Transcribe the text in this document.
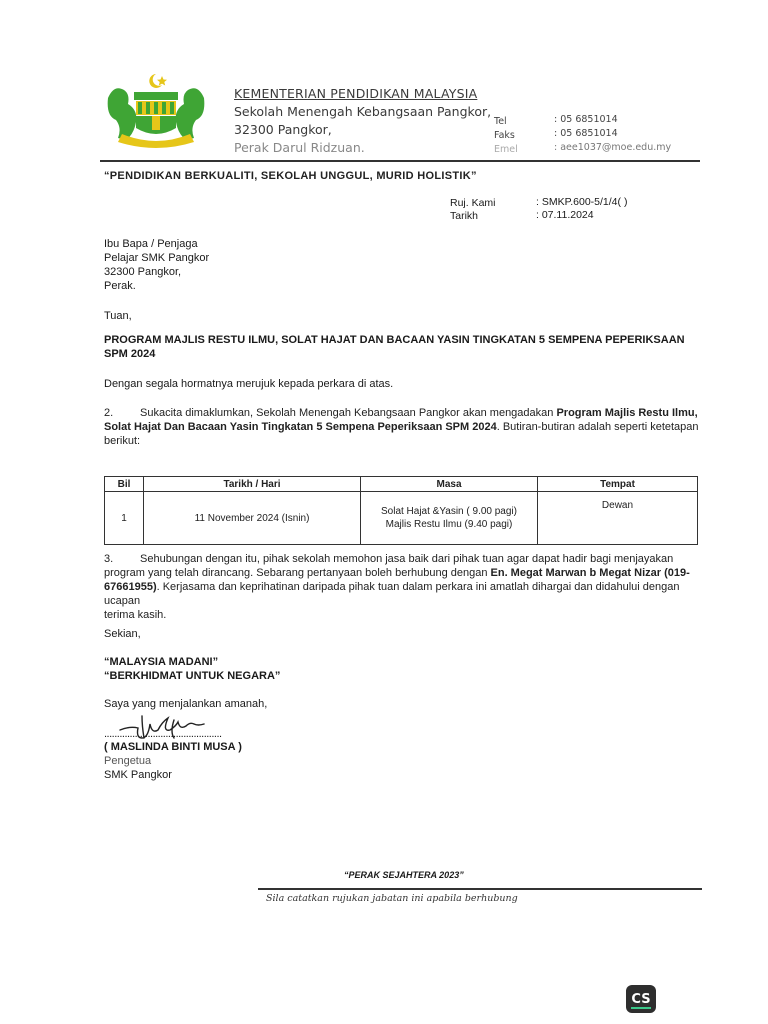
KEMENTERIAN PENDIDIKAN MALAYSIA
Sekolah Menengah Kebangsaan Pangkor,
32300 Pangkor,
Perak Darul Ridzuan.
Tel	: 05 6851014
Faks	: 05 6851014
Emel	: aee1037@moe.edu.my
“PENDIDIKAN BERKUALITI, SEKOLAH UNGGUL, MURID HOLISTIK”
Ruj. Kami	: SMKP.600-5/1/4( )
Tarikh	: 07.11.2024
Ibu Bapa / Penjaga
Pelajar SMK Pangkor
32300 Pangkor,
Perak.
Tuan,
PROGRAM MAJLIS RESTU ILMU, SOLAT HAJAT DAN BACAAN YASIN TINGKATAN 5 SEMPENA PEPERIKSAAN
SPM 2024
Dengan segala hormatnya merujuk kepada perkara di atas.
2. Sukacita dimaklumkan, Sekolah Menengah Kebangsaan Pangkor akan mengadakan Program Majlis Restu Ilmu,
Solat Hajat Dan Bacaan Yasin Tingkatan 5 Sempena Peperiksaan SPM 2024. Butiran-butiran adalah seperti ketetapan
berikut:
Bil	Tarikh / Hari	Masa	Tempat
1	11 November 2024 (Isnin)	Solat Hajat &Yasin ( 9.00 pagi)
Majlis Restu Ilmu (9.40 pagi)	Dewan
3. Sehubungan dengan itu, pihak sekolah memohon jasa baik dari pihak tuan agar dapat hadir bagi menjayakan
program yang telah dirancang. Sebarang pertanyaan boleh berhubung dengan En. Megat Marwan b Megat Nizar (019-
67661955). Kerjasama dan keprihatinan daripada pihak tuan dalam perkara ini amatlah dihargai dan didahului dengan ucapan
terima kasih.
Sekian,
“MALAYSIA MADANI”
“BERKHIDMAT UNTUK NEGARA”
Saya yang menjalankan amanah,
..............................................
( MASLINDA BINTI MUSA )
Pengetua
SMK Pangkor
“PERAK SEJAHTERA 2023”
Sila catatkan rujukan jabatan ini apabila berhubung
CS
